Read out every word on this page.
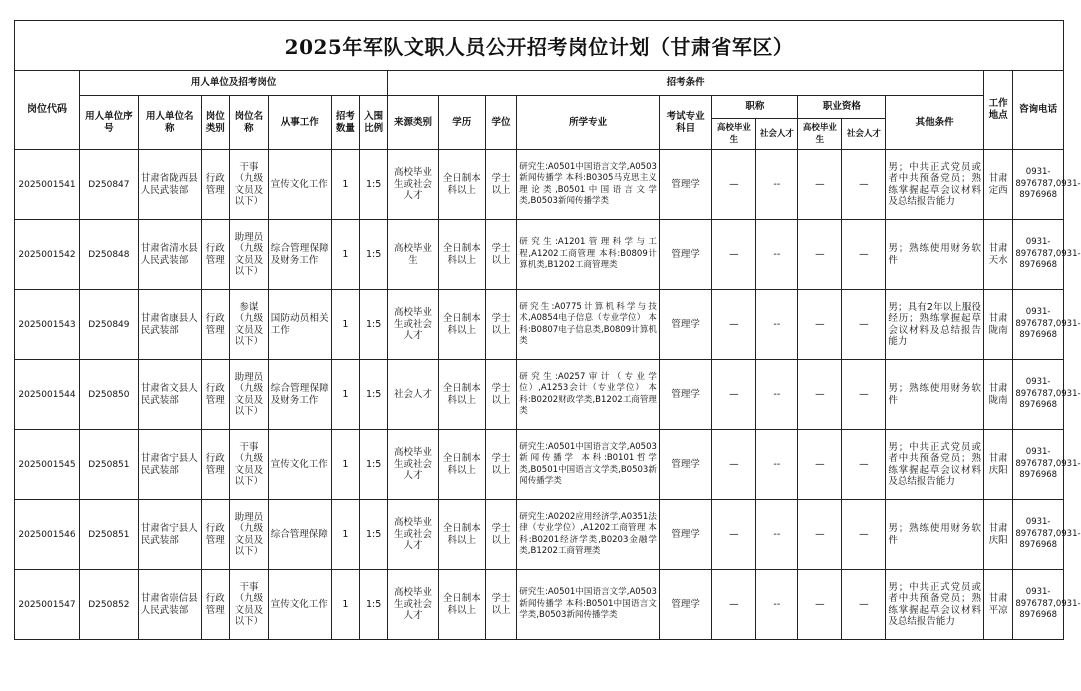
2025年军队文职人员公开招考岗位计划（甘肃省军区）																			
岗位代码	用人单位及招考岗位							招考条件										工作地点	咨询电话
	用人单位序　号	用人单位名　称	岗位类别	岗位名称	从事工作	招考数量	入围比例	来源类别	学历	学位	所学专业	考试专业科目	职称		职业资格		其他条件		
													高校毕业生	社会人才	高校毕业生	社会人才			
2025001541	D250847	甘肃省陇西县人民武装部	行政管理	干事（九级文员及以下）	宣传文化工作	1	1:5	高校毕业生或社会人才	全日制本科以上	学士以上	研究生:A0501中国语言文学,A0503新闻传播学 本科:B0305马克思主义理论类,B0501中国语言文学类,B0503新闻传播学类	管理学	—	--	—	—	男；中共正式党员或者中共预备党员；熟练掌握起草会议材料及总结报告能力	甘肃定西	0931-8976787,0931-8976968
2025001542	D250848	甘肃省清水县人民武装部	行政管理	助理员（九级文员及以下）	综合管理保障及财务工作	1	1:5	高校毕业生	全日制本科以上	学士以上	研究生:A1201管理科学与工程,A1202工商管理 本科:B0809计算机类,B1202工商管理类	管理学	—	--	—	—	男；熟练使用财务软件	甘肃天水	0931-8976787,0931-8976968
2025001543	D250849	甘肃省康县人民武装部	行政管理	参谋（九级文员及以下）	国防动员相关工作	1	1:5	高校毕业生或社会人才	全日制本科以上	学士以上	研究生:A0775计算机科学与技术,A0854电子信息（专业学位） 本科:B0807电子信息类,B0809计算机类	管理学	—	--	—	—	男；具有2年以上服役经历；熟练掌握起草会议材料及总结报告能力	甘肃陇南	0931-8976787,0931-8976968
2025001544	D250850	甘肃省文县人民武装部	行政管理	助理员（九级文员及以下）	综合管理保障及财务工作	1	1:5	社会人才	全日制本科以上	学士以上	研究生:A0257审计（专业学位）,A1253会计（专业学位） 本科:B0202财政学类,B1202工商管理类	管理学	—	--	—	—	男；熟练使用财务软件	甘肃陇南	0931-8976787,0931-8976968
2025001545	D250851	甘肃省宁县人民武装部	行政管理	干事（九级文员及以下）	宣传文化工作	1	1:5	高校毕业生或社会人才	全日制本科以上	学士以上	研究生:A0501中国语言文学,A0503新闻传播学 本科:B0101哲学类,B0501中国语言文学类,B0503新闻传播学类	管理学	—	--	—	—	男；中共正式党员或者中共预备党员；熟练掌握起草会议材料及总结报告能力	甘肃庆阳	0931-8976787,0931-8976968
2025001546	D250851	甘肃省宁县人民武装部	行政管理	助理员（九级文员及以下）	综合管理保障	1	1:5	高校毕业生或社会人才	全日制本科以上	学士以上	研究生:A0202应用经济学,A0351法律（专业学位）,A1202工商管理 本科:B0201经济学类,B0203金融学类,B1202工商管理类	管理学	—	--	—	—	男；熟练使用财务软件	甘肃庆阳	0931-8976787,0931-8976968
2025001547	D250852	甘肃省崇信县人民武装部	行政管理	干事（九级文员及以下）	宣传文化工作	1	1:5	高校毕业生或社会人才	全日制本科以上	学士以上	研究生:A0501中国语言文学,A0503新闻传播学 本科:B0501中国语言文学类,B0503新闻传播学类	管理学	—	--	—	—	男；中共正式党员或者中共预备党员；熟练掌握起草会议材料及总结报告能力	甘肃平凉	0931-8976787,0931-8976968
